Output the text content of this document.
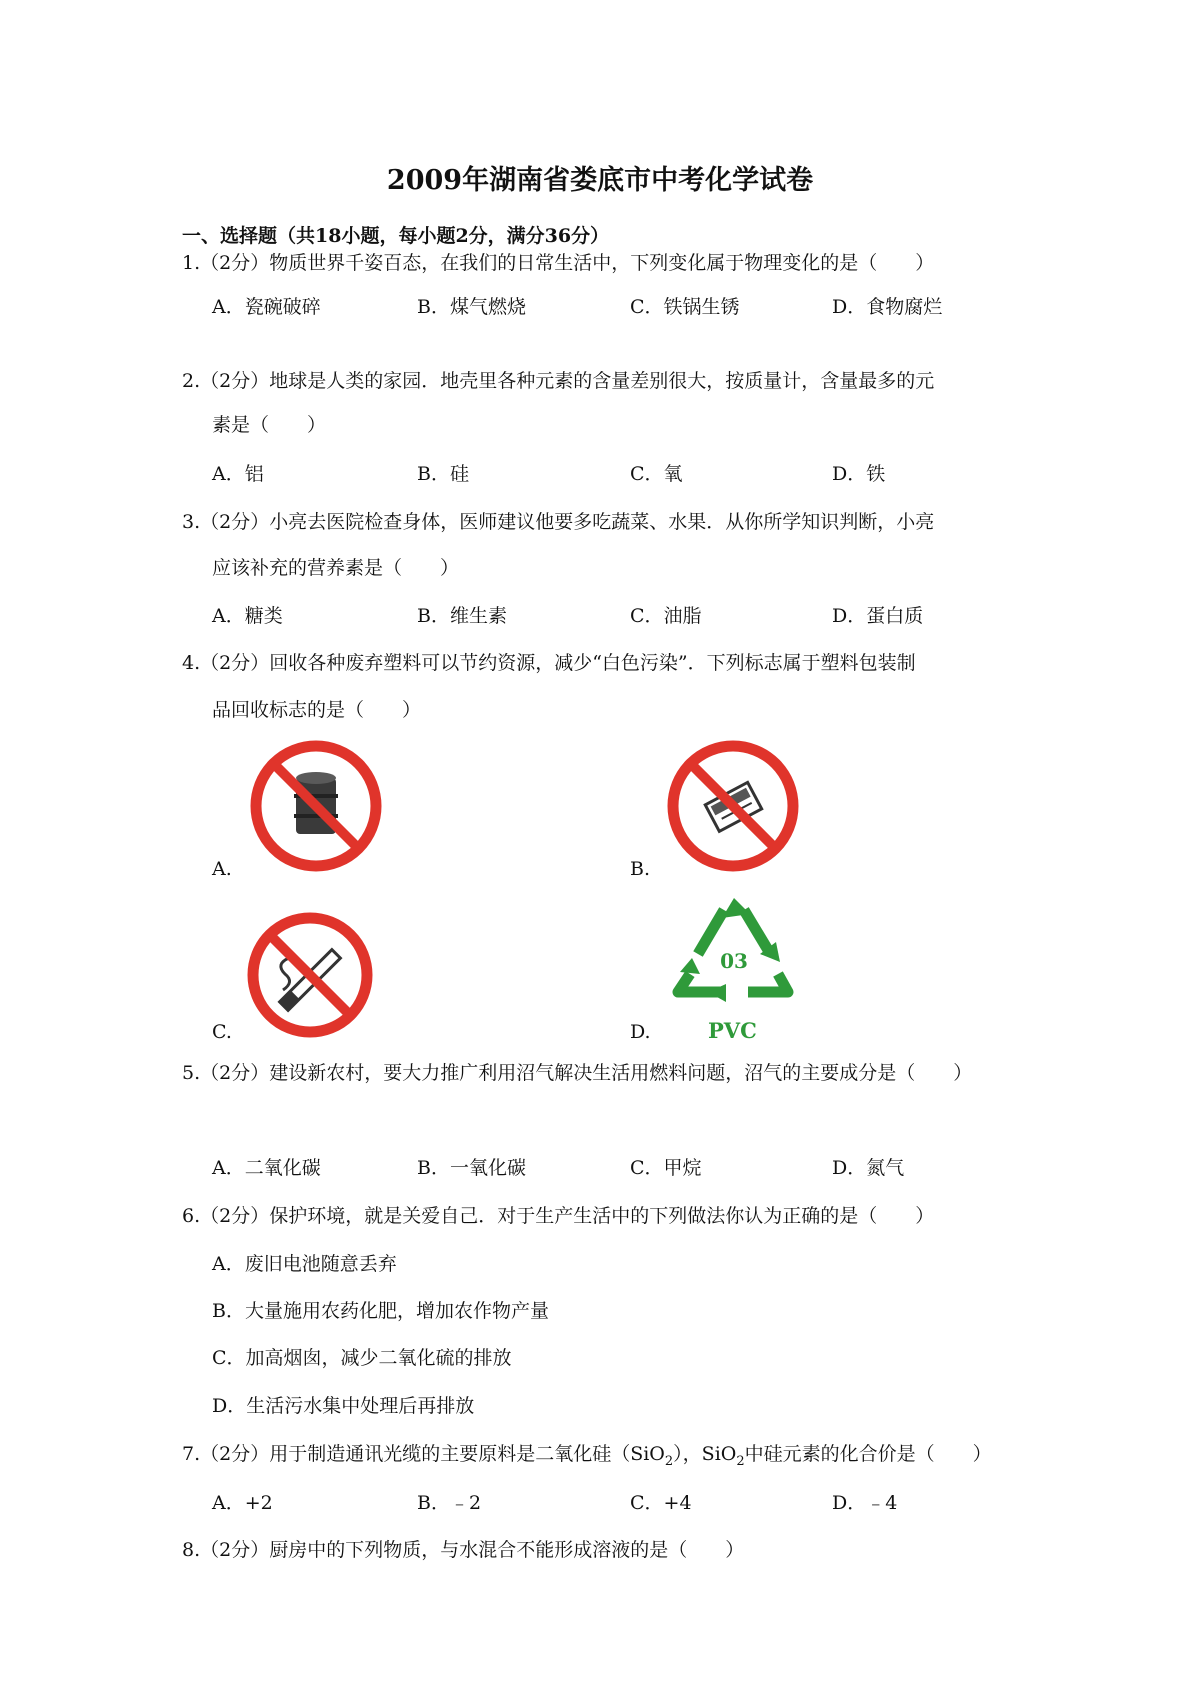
2009年湖南省娄底市中考化学试卷
一、选择题（共18小题，每小题2分，满分36分）
1.（2分）物质世界千姿百态，在我们的日常生活中，下列变化属于物理变化的是（　　）
A．瓷碗破碎	B．煤气燃烧	C．铁锅生锈	D．食物腐烂
2.（2分）地球是人类的家园．地壳里各种元素的含量差别很大，按质量计，含量最多的元
素是（　　）
A．铝	B．硅	C．氧	D．铁
3.（2分）小亮去医院检查身体，医师建议他要多吃蔬菜、水果．从你所学知识判断，小亮
应该补充的营养素是（　　）
A．糖类	B．维生素	C．油脂	D．蛋白质
4.（2分）回收各种废弃塑料可以节约资源，减少“白色污染”．下列标志属于塑料包装制
品回收标志的是（　　）
A.	B.
C.	D.
03
PVC
5.（2分）建设新农村，要大力推广利用沼气解决生活用燃料问题，沼气的主要成分是（　　）
A．二氧化碳	B．一氧化碳	C．甲烷	D．氮气
6.（2分）保护环境，就是关爱自己．对于生产生活中的下列做法你认为正确的是（　　）
A．废旧电池随意丢弃
B．大量施用农药化肥，增加农作物产量
C．加高烟囱，减少二氧化硫的排放
D．生活污水集中处理后再排放
7.（2分）用于制造通讯光缆的主要原料是二氧化硅（SiO$_2$），SiO$_2$中硅元素的化合价是（　　）
A．+2	B．﹣2	C．+4	D．﹣4
8.（2分）厨房中的下列物质，与水混合不能形成溶液的是（　　）
